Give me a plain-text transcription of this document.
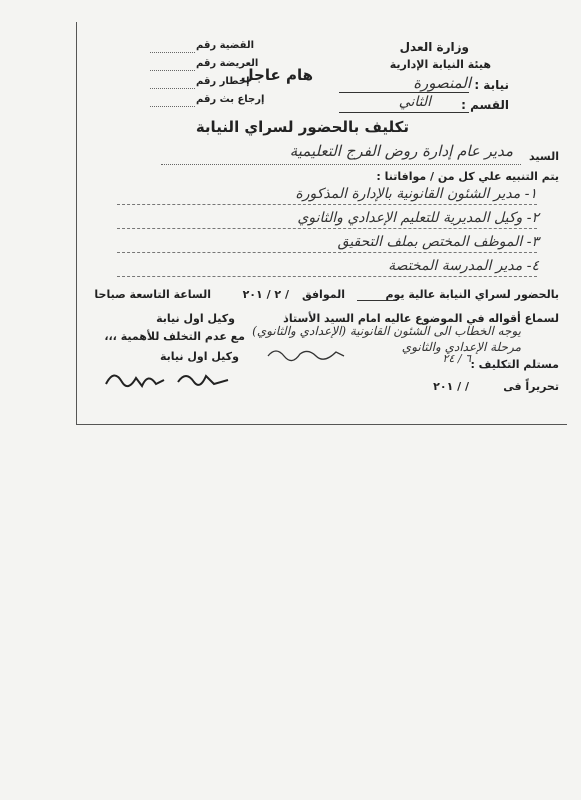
وزارة العدل
هيئة النيابة الإدارية
نيابة :
المنصورة
القسم :
الثاني
هام عاجل
القضية رقم
العريضة رقم
إخطار رقم
إرجاع بث رقم
تكليف بالحضور لسراي النيابة
السيد
مدير عام إدارة روض الفرج التعليمية
يتم التنبيه علي كل من / موافاتنا :
١- مدير الشئون القانونية بالإدارة المذكورة
٢- وكيل المديرية للتعليم الإعدادي والثانوي
٣- الموظف المختص بملف التحقيق
٤- مدير المدرسة المختصة
بالحضور لسراي النيابة عالية يوم
الموافق
/ ٢ / ٢٠١
الساعة التاسعة صباحا
لسماع أقواله في الموضوع عاليه امام السيد الأستاذ
وكيل اول نيابة
يوجه الخطاب الى الشئون القانونية (الإعدادي والثانوي)
مع عدم التخلف للأهمية ،،،
مرحلة الإعدادي والثانوي
مستلم التكليف :
٦ / ٢٤
وكيل اول نيابة
تحريراً فى
/ / ٢٠١
